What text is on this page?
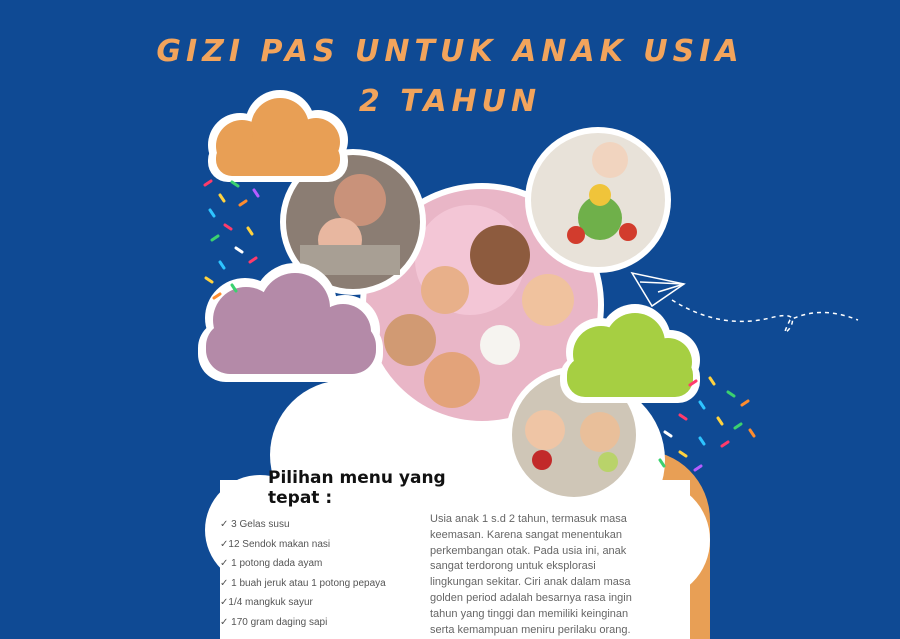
GIZI PAS UNTUK ANAK USIA
2 TAHUN
Pilihan menu yang tepat :
✓ 3 Gelas susu
✓12 Sendok makan nasi
✓ 1 potong dada ayam
✓ 1 buah jeruk atau 1 potong pepaya
✓1/4 mangkuk sayur
✓ 170 gram daging sapi

Usia anak 1 s.d 2 tahun, termasuk masa keemasan. Karena sangat menentukan perkembangan otak. Pada usia ini, anak sangat terdorong untuk eksplorasi lingkungan sekitar. Ciri anak dalam masa golden period adalah besarnya rasa ingin tahun yang tinggi dan memiliki keinginan serta kemampuan meniru perilaku orang.
